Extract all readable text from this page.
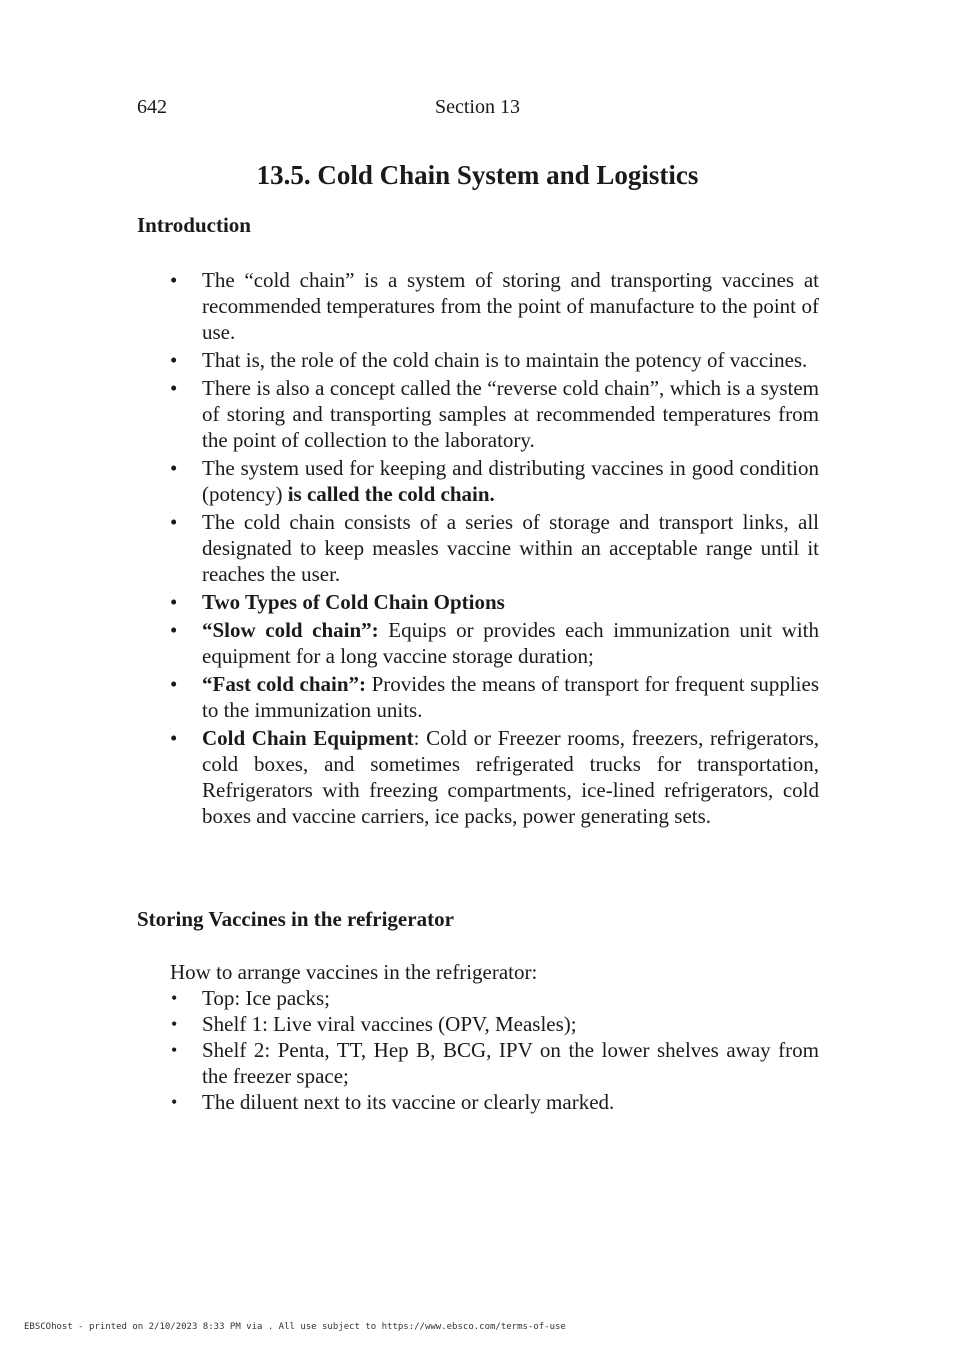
642	Section 13
13.5. Cold Chain System and Logistics
Introduction
• The “cold chain” is a system of storing and transporting vaccines at recommended temperatures from the point of manufacture to the point of use.
• That is, the role of the cold chain is to maintain the potency of vaccines.
• There is also a concept called the “reverse cold chain”, which is a system of storing and transporting samples at recommended temperatures from the point of collection to the laboratory.
• The system used for keeping and distributing vaccines in good condition (potency) is called the cold chain.
• The cold chain consists of a series of storage and transport links, all designated to keep measles vaccine within an acceptable range until it reaches the user.
• Two Types of Cold Chain Options
• “Slow cold chain”: Equips or provides each immunization unit with equipment for a long vaccine storage duration;
• “Fast cold chain”: Provides the means of transport for frequent supplies to the immunization units.
• Cold Chain Equipment: Cold or Freezer rooms, freezers, refrigerators, cold boxes, and sometimes refrigerated trucks for transportation, Refrigerators with freezing compartments, ice-lined refrigerators, cold boxes and vaccine carriers, ice packs, power generating sets.
Storing Vaccines in the refrigerator

How to arrange vaccines in the refrigerator:

• Top: Ice packs;
• Shelf 1: Live viral vaccines (OPV, Measles);
• Shelf 2: Penta, TT, Hep B, BCG, IPV on the lower shelves away from the freezer space;
• The diluent next to its vaccine or clearly marked.
EBSCOhost - printed on 2/10/2023 8:33 PM via . All use subject to https://www.ebsco.com/terms-of-use
